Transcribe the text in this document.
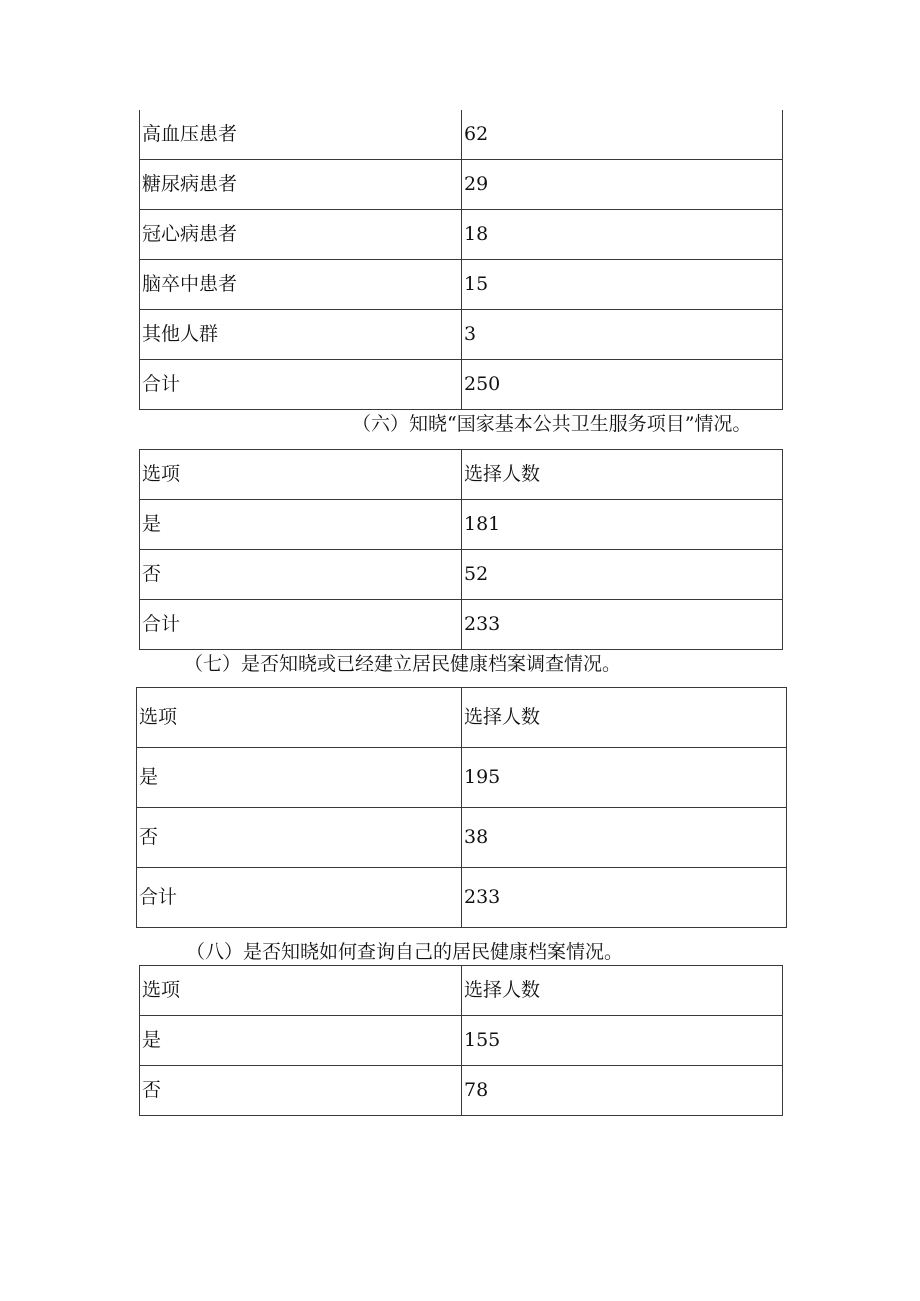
高血压患者	62
糖尿病患者	29
冠心病患者	18
脑卒中患者	15
其他人群	3
合计	250
（六）知晓“国家基本公共卫生服务项目”情况。
选项	选择人数
是	181
否	52
合计	233
（七）是否知晓或已经建立居民健康档案调查情况。
选项	选择人数
是	195
否	38
合计	233
（八）是否知晓如何查询自己的居民健康档案情况。
选项	选择人数
是	155
否	78
